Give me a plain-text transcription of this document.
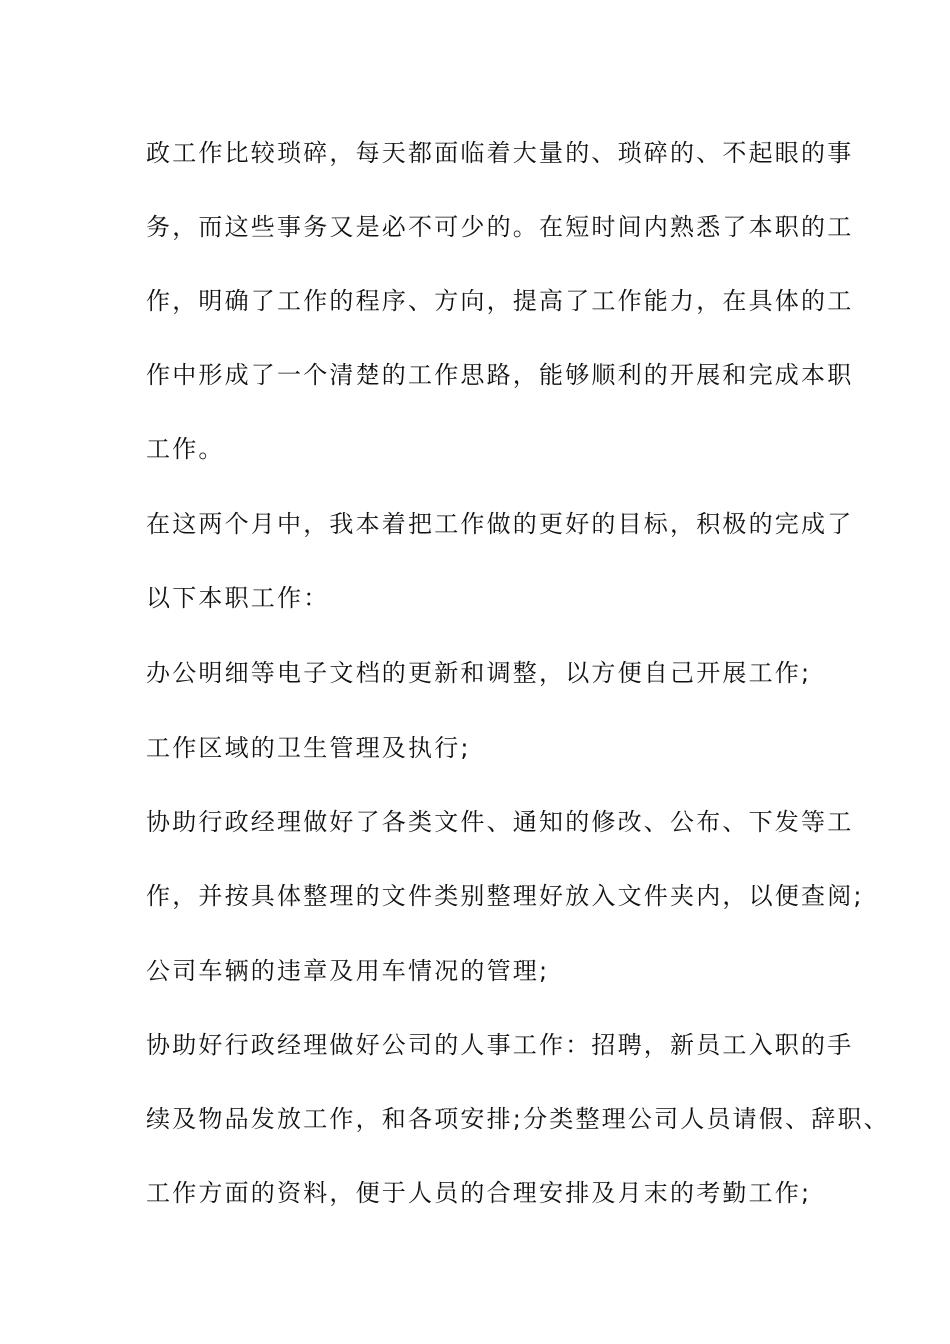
政工作比较琐碎，每天都面临着大量的、琐碎的、不起眼的事
务，而这些事务又是必不可少的。在短时间内熟悉了本职的工
作，明确了工作的程序、方向，提高了工作能力，在具体的工
作中形成了一个清楚的工作思路，能够顺利的开展和完成本职
工作。
在这两个月中，我本着把工作做的更好的目标，积极的完成了
以下本职工作：
办公明细等电子文档的更新和调整，以方便自己开展工作;
工作区域的卫生管理及执行;
协助行政经理做好了各类文件、通知的修改、公布、下发等工
作，并按具体整理的文件类别整理好放入文件夹内，以便查阅;
公司车辆的违章及用车情况的管理;
协助好行政经理做好公司的人事工作：招聘，新员工入职的手
续及物品发放工作，和各项安排;分类整理公司人员请假、辞职、
工作方面的资料，便于人员的合理安排及月末的考勤工作;
